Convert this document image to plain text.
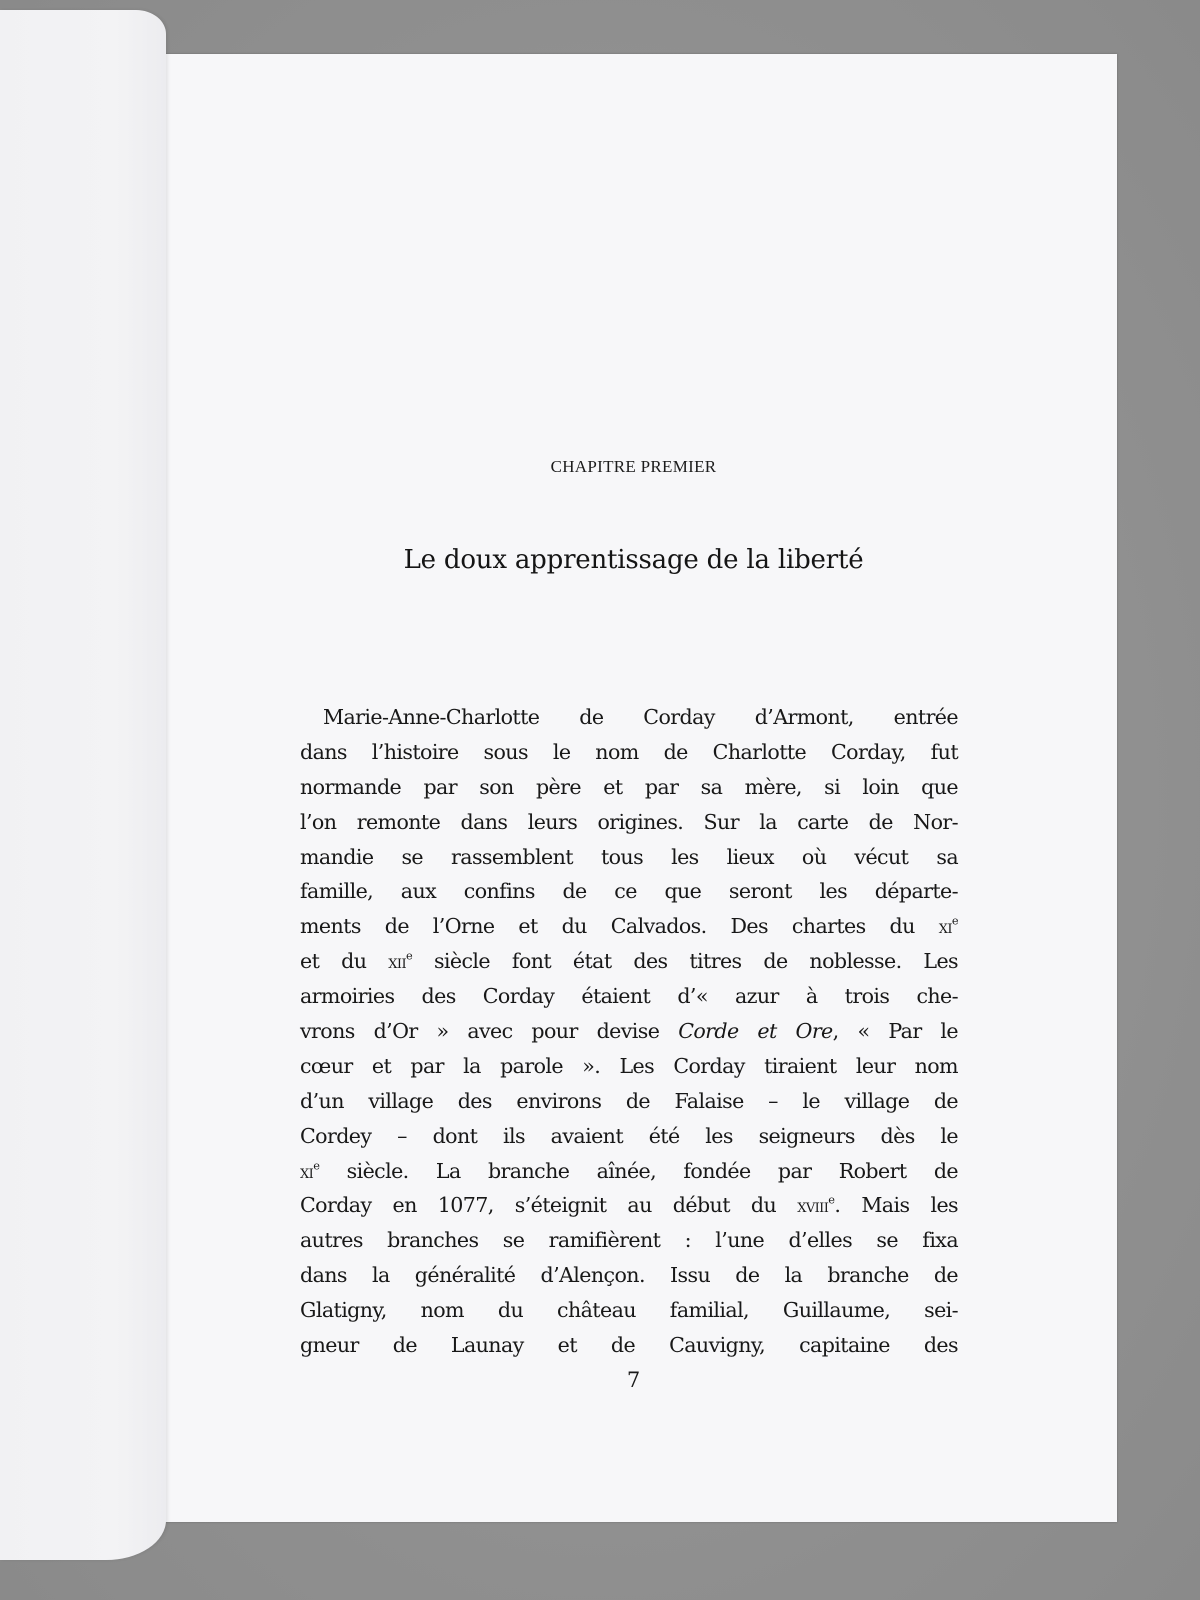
CHAPITRE PREMIER
Le doux apprentissage de la liberté
Marie-Anne-Charlotte de Corday d’Armont, entrée
dans l’histoire sous le nom de Charlotte Corday, fut
normande par son père et par sa mère, si loin que
l’on remonte dans leurs origines. Sur la carte de Nor-
mandie se rassemblent tous les lieux où vécut sa
famille, aux confins de ce que seront les départe-
ments de l’Orne et du Calvados. Des chartes du $xi^e$
et du xii$^e$ siècle font état des titres de noblesse. Les
armoiries des Corday étaient d’« azur à trois che-
vrons d’Or » avec pour devise Corde et Ore, « Par le
cœur et par la parole ». Les Corday tiraient leur nom
d’un village des environs de Falaise – le village de
Cordey – dont ils avaient été les seigneurs dès le
$xi^e$ siècle. La branche aînée, fondée par Robert de
Corday en 1077, s’éteignit au début du xviii$^e$. Mais les
autres branches se ramifièrent : l’une d’elles se fixa
dans la généralité d’Alençon. Issu de la branche de
Glatigny, nom du château familial, Guillaume, sei-
gneur de Launay et de Cauvigny, capitaine des
7
